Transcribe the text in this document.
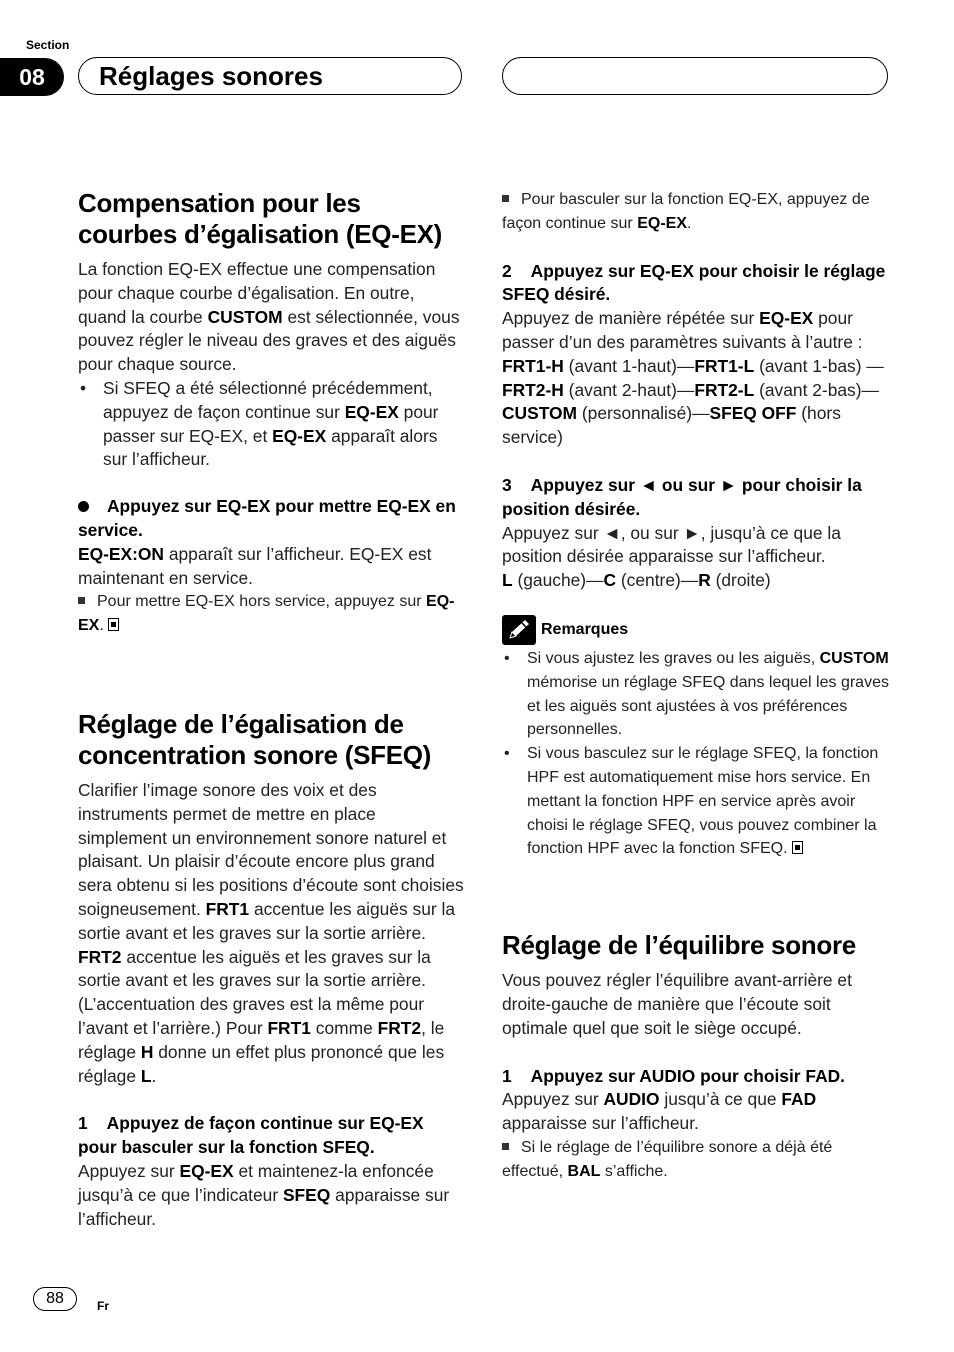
Section
08	Réglages sonores
Compensation pour les courbes d’égalisation (EQ-EX)

La fonction EQ-EX effectue une compensation pour chaque courbe d’égalisation. En outre, quand la courbe CUSTOM est sélectionnée, vous pouvez régler le niveau des graves et des aiguës pour chaque source.

• Si SFEQ a été sélectionné précédemment, appuyez de façon continue sur EQ-EX pour passer sur EQ-EX, et EQ-EX apparaît alors sur l’afficheur.

Appuyez sur EQ-EX pour mettre EQ-EX en service.

EQ-EX:ON apparaît sur l’afficheur. EQ-EX est maintenant en service.

Pour mettre EQ-EX hors service, appuyez sur EQ-EX.

Réglage de l’égalisation de concentration sonore (SFEQ)

Clarifier l’image sonore des voix et des instruments permet de mettre en place simplement un environnement sonore naturel et plaisant. Un plaisir d’écoute encore plus grand sera obtenu si les positions d’écoute sont choisies soigneusement. FRT1 accentue les aiguës sur la sortie avant et les graves sur la sortie arrière. FRT2 accentue les aiguës et les graves sur la sortie avant et les graves sur la sortie arrière. (L’accentuation des graves est la même pour l’avant et l’arrière.) Pour FRT1 comme FRT2, le réglage H donne un effet plus prononcé que les réglage L.

1 Appuyez de façon continue sur EQ-EX pour basculer sur la fonction SFEQ.

Appuyez sur EQ-EX et maintenez-la enfoncée jusqu’à ce que l’indicateur SFEQ apparaisse sur l’afficheur.

Pour basculer sur la fonction EQ-EX, appuyez de façon continue sur EQ-EX.

2 Appuyez sur EQ-EX pour choisir le réglage SFEQ désiré.

Appuyez de manière répétée sur EQ-EX pour passer d’un des paramètres suivants à l’autre :

FRT1-H (avant 1-haut)—FRT1-L (avant 1-bas) —FRT2-H (avant 2-haut)—FRT2-L (avant 2-bas)—CUSTOM (personnalisé)—SFEQ OFF (hors service)

3 Appuyez sur ◄ ou sur ► pour choisir la position désirée.

Appuyez sur ◄, ou sur ►, jusqu’à ce que la position désirée apparaisse sur l’afficheur.

L (gauche)—C (centre)—R (droite)

Remarques

• Si vous ajustez les graves ou les aiguës, CUSTOM mémorise un réglage SFEQ dans lequel les graves et les aiguës sont ajustées à vos préférences personnelles.

• Si vous basculez sur le réglage SFEQ, la fonction HPF est automatiquement mise hors service. En mettant la fonction HPF en service après avoir choisi le réglage SFEQ, vous pouvez combiner la fonction HPF avec la fonction SFEQ.

Réglage de l’équilibre sonore

Vous pouvez régler l’équilibre avant-arrière et droite-gauche de manière que l’écoute soit optimale quel que soit le siège occupé.

1 Appuyez sur AUDIO pour choisir FAD.

Appuyez sur AUDIO jusqu’à ce que FAD apparaisse sur l’afficheur.

Si le réglage de l’équilibre sonore a déjà été effectué, BAL s’affiche.

88	Fr
